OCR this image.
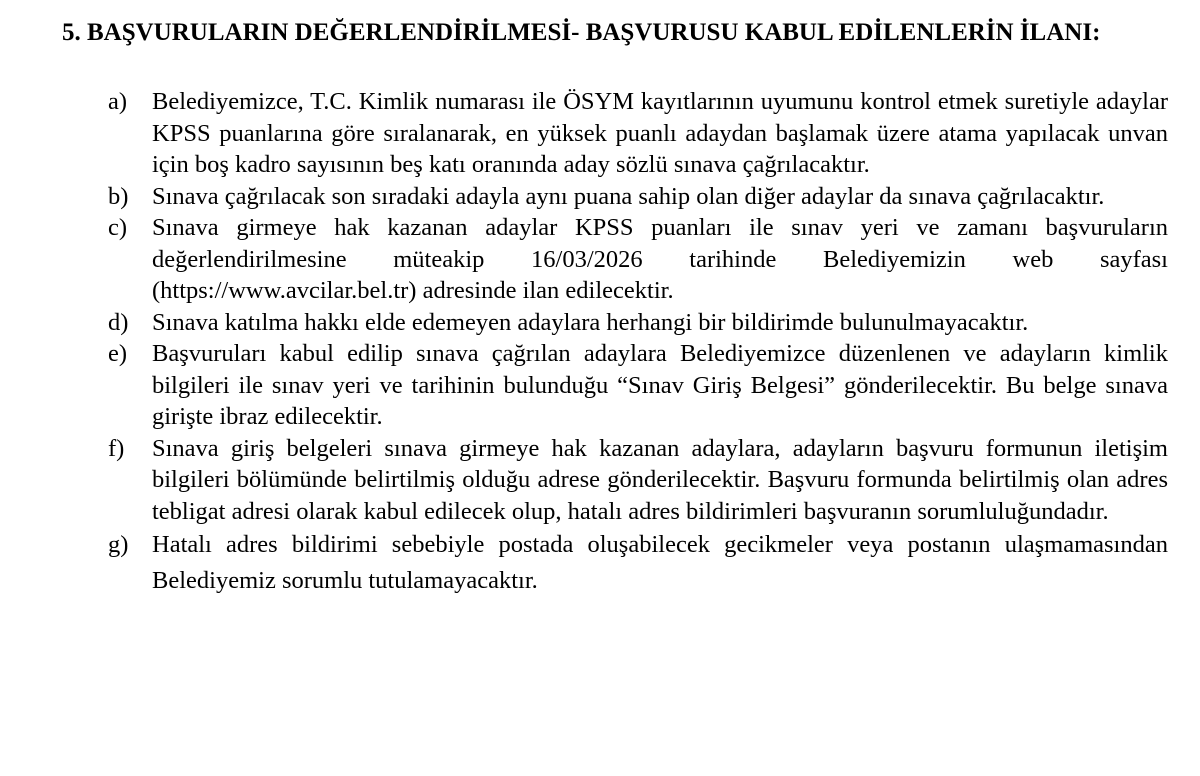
5. BAŞVURULARIN DEĞERLENDİRİLMESİ- BAŞVURUSU KABUL EDİLENLERİN İLANI:
a) Belediyemizce, T.C. Kimlik numarası ile ÖSYM kayıtlarının uyumunu kontrol etmek suretiyle adaylar KPSS puanlarına göre sıralanarak, en yüksek puanlı adaydan başlamak üzere atama yapılacak unvan için boş kadro sayısının beş katı oranında aday sözlü sınava çağrılacaktır.
b) Sınava çağrılacak son sıradaki adayla aynı puana sahip olan diğer adaylar da sınava çağrılacaktır.
c) Sınava girmeye hak kazanan adaylar KPSS puanları ile sınav yeri ve zamanı başvuruların değerlendirilmesine müteakip 16/03/2026 tarihinde Belediyemizin web sayfası (https://www.avcilar.bel.tr) adresinde ilan edilecektir.
d) Sınava katılma hakkı elde edemeyen adaylara herhangi bir bildirimde bulunulmayacaktır.
e) Başvuruları kabul edilip sınava çağrılan adaylara Belediyemizce düzenlenen ve adayların kimlik bilgileri ile sınav yeri ve tarihinin bulunduğu “Sınav Giriş Belgesi” gönderilecektir. Bu belge sınava girişte ibraz edilecektir.
f) Sınava giriş belgeleri sınava girmeye hak kazanan adaylara, adayların başvuru formunun iletişim bilgileri bölümünde belirtilmiş olduğu adrese gönderilecektir. Başvuru formunda belirtilmiş olan adres tebligat adresi olarak kabul edilecek olup, hatalı adres bildirimleri başvuranın sorumluluğundadır.
g) Hatalı adres bildirimi sebebiyle postada oluşabilecek gecikmeler veya postanın ulaşmamasından Belediyemiz sorumlu tutulamayacaktır.
